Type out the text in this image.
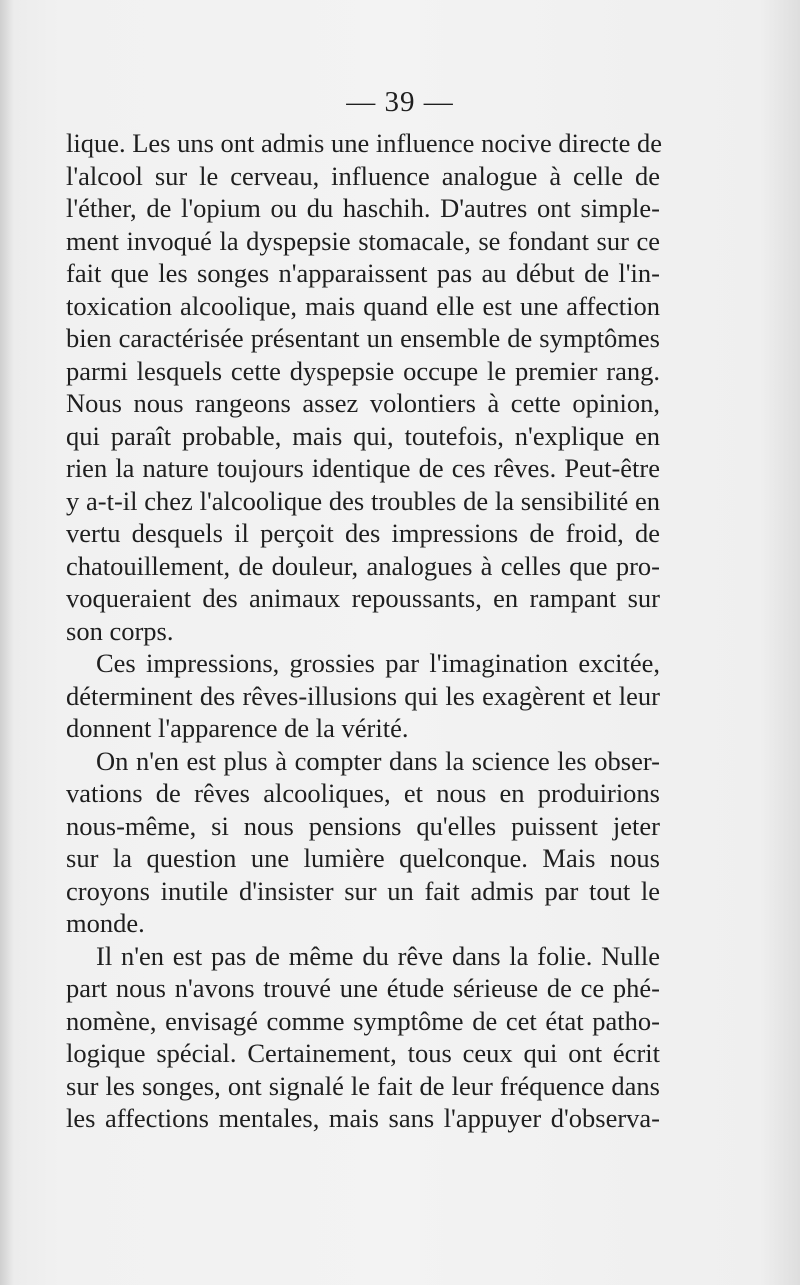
— 39 —
lique. Les uns ont admis une influence nocive directe de
l'alcool sur le cerveau, influence analogue à celle de
l'éther, de l'opium ou du haschih. D'autres ont simple-
ment invoqué la dyspepsie stomacale, se fondant sur ce
fait que les songes n'apparaissent pas au début de l'in-
toxication alcoolique, mais quand elle est une affection
bien caractérisée présentant un ensemble de symptômes
parmi lesquels cette dyspepsie occupe le premier rang.
Nous nous rangeons assez volontiers à cette opinion,
qui paraît probable, mais qui, toutefois, n'explique en
rien la nature toujours identique de ces rêves. Peut-être
y a-t-il chez l'alcoolique des troubles de la sensibilité en
vertu desquels il perçoit des impressions de froid, de
chatouillement, de douleur, analogues à celles que pro-
voqueraient des animaux repoussants, en rampant sur
son corps.
Ces impressions, grossies par l'imagination excitée,
déterminent des rêves-illusions qui les exagèrent et leur
donnent l'apparence de la vérité.
On n'en est plus à compter dans la science les obser-
vations de rêves alcooliques, et nous en produirions
nous-même, si nous pensions qu'elles puissent jeter
sur la question une lumière quelconque. Mais nous
croyons inutile d'insister sur un fait admis par tout le
monde.
Il n'en est pas de même du rêve dans la folie. Nulle
part nous n'avons trouvé une étude sérieuse de ce phé-
nomène, envisagé comme symptôme de cet état patho-
logique spécial. Certainement, tous ceux qui ont écrit
sur les songes, ont signalé le fait de leur fréquence dans
les affections mentales, mais sans l'appuyer d'observa-
